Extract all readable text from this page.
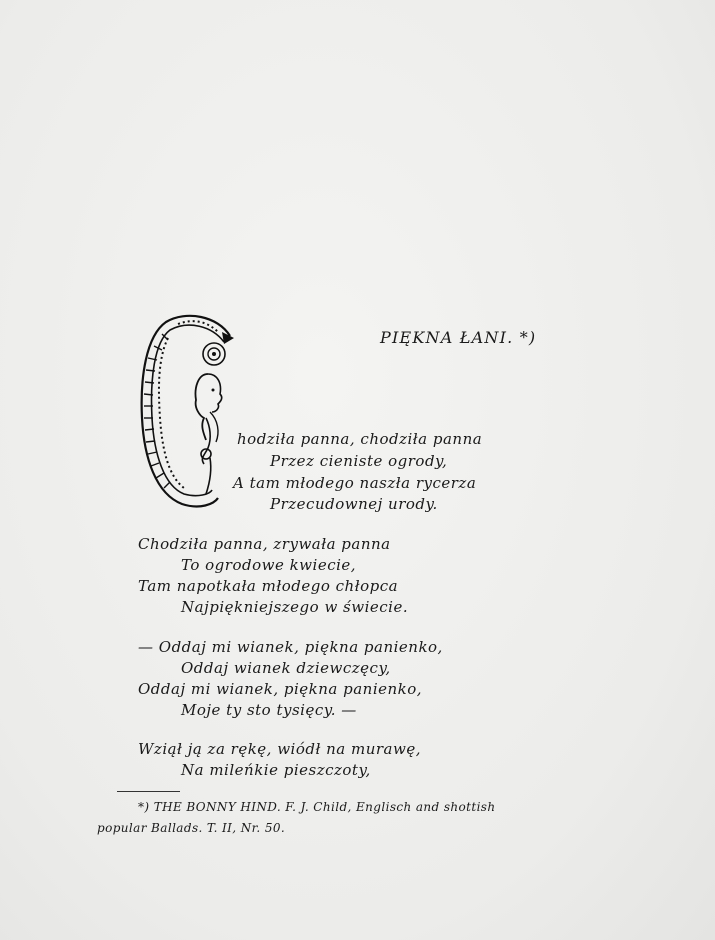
PIĘKNA ŁANI. *)
hodziła panna, chodziła panna
Przez cieniste ogrody,
A tam młodego naszła rycerza
Przecudownej urody.
Chodziła panna, zrywała panna
To ogrodowe kwiecie,
Tam napotkała młodego chłopca
Najpiękniejszego w świecie.
— Oddaj mi wianek, piękna panienko,
Oddaj wianek dziewczęcy,
Oddaj mi wianek, piękna panienko,
Moje ty sto tysięcy. —
Wziął ją za rękę, wiódł na murawę,
Na mileńkie pieszczoty,
*) THE BONNY HIND. F. J. Child, Englisch and shottish
popular Ballads. T. II, Nr. 50.
